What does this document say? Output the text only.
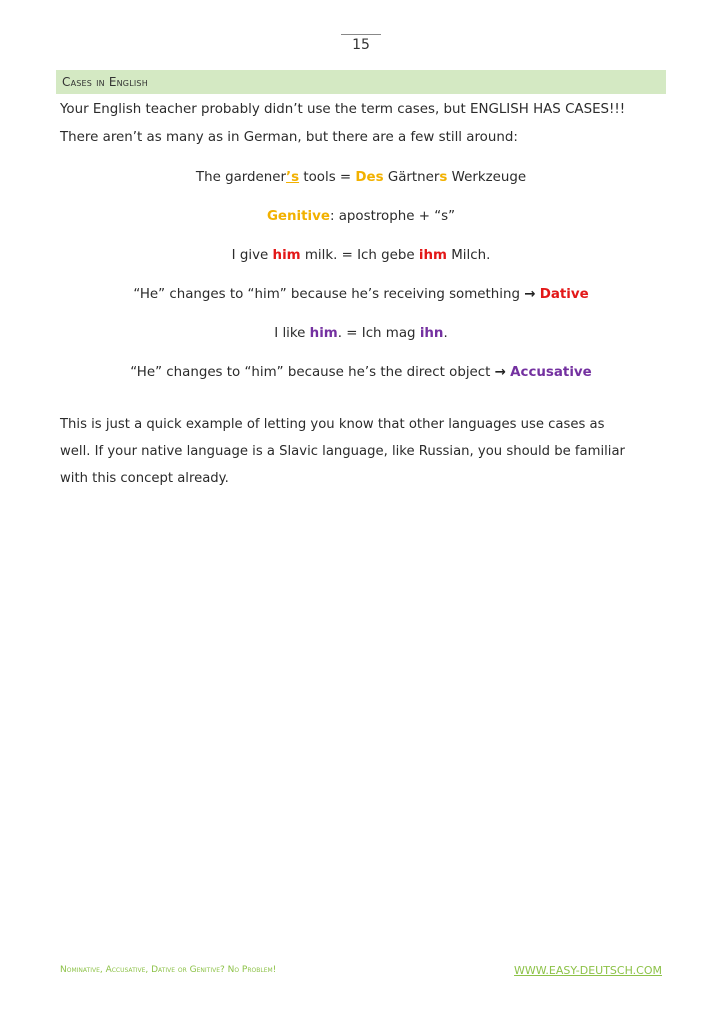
15
Cases in English
Your English teacher probably didn’t use the term cases, but ENGLISH HAS CASES!!!
There aren’t as many as in German, but there are a few still around:
The gardener’s tools = Des Gärtners Werkzeuge
Genitive: apostrophe + “s”
I give him milk. = Ich gebe ihm Milch.
“He” changes to “him” because he’s receiving something → Dative
I like him. = Ich mag ihn.
“He” changes to “him” because he’s the direct object → Accusative
This is just a quick example of letting you know that other languages use cases as
well. If your native language is a Slavic language, like Russian, you should be familiar
with this concept already.
Nominative, Accusative, Dative or Genitive? No Problem!	WWW.EASY-DEUTSCH.COM
